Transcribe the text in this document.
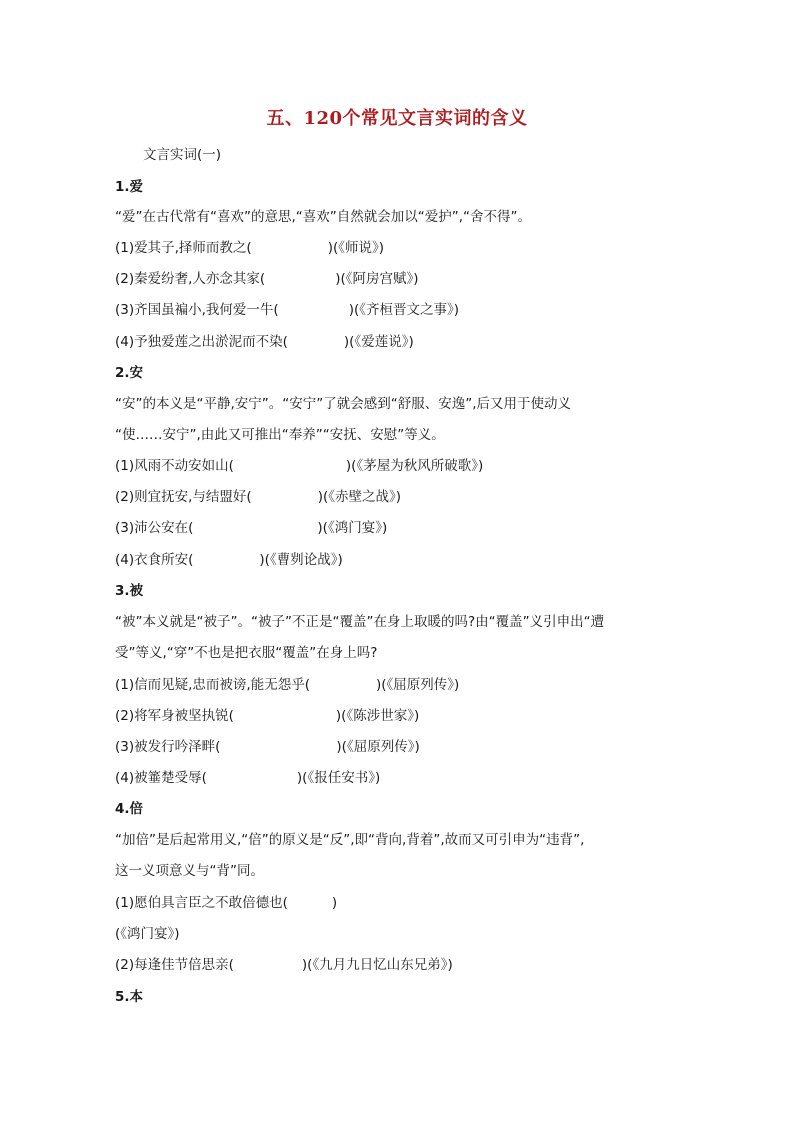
五、120个常见文言实词的含义
文言实词(一)
1.爱
“爱”在古代常有“喜欢”的意思,“喜欢”自然就会加以“爱护”,“舍不得”。
(1)爱其子,择师而教之(	)(《师说》)
(2)秦爱纷奢,人亦念其家(	)(《阿房宫赋》)
(3)齐国虽褊小,我何爱一牛(	)(《齐桓晋文之事》)
(4)予独爱莲之出淤泥而不染(	)(《爱莲说》)
2.安
“安”的本义是“平静,安宁”。“安宁”了就会感到“舒服、安逸”,后又用于使动义
“使……安宁”,由此又可推出“奉养”“安抚、安慰”等义。
(1)风雨不动安如山(	)(《茅屋为秋风所破歌》)
(2)则宜抚安,与结盟好(	)(《赤壁之战》)
(3)沛公安在(	)(《鸿门宴》)
(4)衣食所安(	)(《曹刿论战》)
3.被
“被”本义就是“被子”。“被子”不正是“覆盖”在身上取暖的吗?由“覆盖”义引申出“遭
受”等义,“穿”不也是把衣服“覆盖”在身上吗?
(1)信而见疑,忠而被谤,能无怨乎(	)(《屈原列传》)
(2)将军身被坚执锐(	)(《陈涉世家》)
(3)被发行吟泽畔(	)(《屈原列传》)
(4)被箠楚受辱(	)(《报任安书》)
4.倍
“加倍”是后起常用义,“倍”的原义是“反”,即“背向,背着”,故而又可引申为“违背”,
这一义项意义与“背”同。
(1)愿伯具言臣之不敢倍德也(	)
(《鸿门宴》)
(2)每逢佳节倍思亲(	)(《九月九日忆山东兄弟》)
5.本
